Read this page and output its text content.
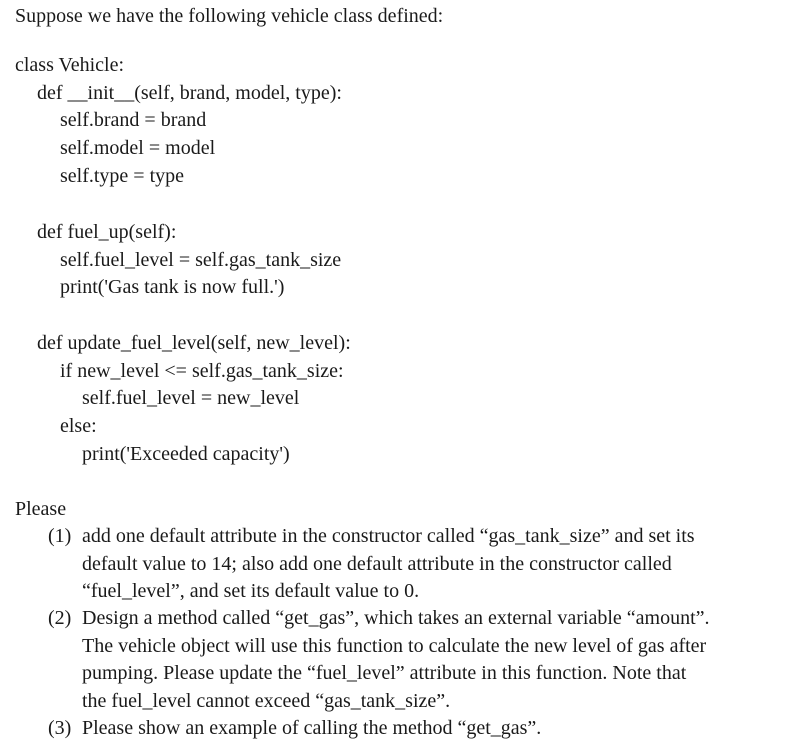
Suppose we have the following vehicle class defined:
class Vehicle:
def __init__(self, brand, model, type):
self.brand = brand
self.model = model
self.type = type
def fuel_up(self):
self.fuel_level = self.gas_tank_size
print('Gas tank is now full.')
def update_fuel_level(self, new_level):
if new_level <= self.gas_tank_size:
self.fuel_level = new_level
else:
print('Exceeded capacity')
Please
(1) add one default attribute in the constructor called “gas_tank_size” and set its
default value to 14; also add one default attribute in the constructor called
“fuel_level”, and set its default value to 0.
(2) Design a method called “get_gas”, which takes an external variable “amount”.
The vehicle object will use this function to calculate the new level of gas after
pumping. Please update the “fuel_level” attribute in this function. Note that
the fuel_level cannot exceed “gas_tank_size”.
(3) Please show an example of calling the method “get_gas”.
